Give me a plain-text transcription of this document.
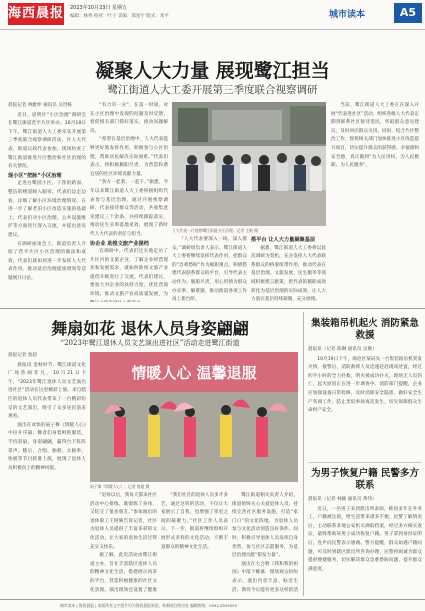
海西晨报 2023年10月23日 星期五
编辑：林秀 校对：叶子 美编：邱星宇 版式：邓平	城市读本	A5
凝聚人大力量 展现鹭江担当
鹭江街道人大工委开展第三季度联合视察调研

晨报记者 林雅仲 通讯员 吴世栋

近日，思明区“小区治理”调研会在鹭江街道营平片区举办。10月18日下午，鹭江街道人大工委牵头开展第三季度联合视察调研活动，区人大代表、街道议政代表参加，现场检查了鹭江街道推进片区整治和社区治理的有关情况。

现小区“把脉”小区治理

走进白鹭园小区，干净的路面、整洁的楼道映入眼帘。代表们边走边看，详细了解小区环境治理情况。在进一步了解老旧小区改造实施的基础上，代表们对小区治理、公共设施维护等方面进行深入交流，并提出意见建议。

在调研座谈会上，街道负责人介绍了营平片区小区治理的做法和成效，代表们就如何进一步发挥人大代表作用、推动基层治理提质增效等话题展开讨论。

“有合有一分”，在第一时间，对在小区治理中发现的问题及时反馈，督促相关部门抓好落实，推动问题解决。

“希望在基层治理中，人大代表能够更好地发挥作用，积极参与小区治理，帮助居民解决实际困难。”代表们表示，将积极履职尽责，为营造和谐宜居的社区环境贡献力量。

“各方一起着，一起干。”据悉，今年以来鹭江街道人大工委积极组织代表参与基层治理，通过开展视察调研、代表接待群众等活动，共收集意见建议三十余条，并持续跟踪落实，推动民生实事落地见效，展现了新时代人大代表的责任与担当。

协企业 助推文旅产业提档

在调研中，代表们还实地走访了片区内的文旅企业，了解企业经营现状和发展需求，就如何助推文旅产业提档升级进行了交流。代表们建议，要加大对企业的扶持力度，优化营商环境，推动文旅产业高质量发展，为

人大代表一行视察鹭江街道小区治理。记者 王帆 摄

“人大代表要深入一线、深入群众，”调研组负责人表示，鹭江街道人大工委将继续发挥代表作用，把群众的“急难愁盼”作为履职重点，积极搭建代表联系群众的平台，引导代表主动作为、履职尽责，用心用情为群众办实事、解难题，推动街道各项工作再上新台阶。

搭平台 让人大力量凝聚基层

据悉，鹭江街道人大工委将以此次调研为契机，充分发挥人大代表联系群众的桥梁纽带作用，推动代表在基层治理、文旅发展、民生服务等领域积极建言献策，把代表的履职成效转化为基层治理的实际成效，让人大力量在基层持续凝聚、充分展现。

当前，鹭江街道人大工委正在深入开展“代表进社区”活动，组织各级人大代表定期到联系社区接待选民，听取群众意见建议，及时回应群众关切。同时，结合片区整治工作，督促相关部门加快推进小区改造提升项目，切实提升群众的获得感、幸福感和安全感，真正做到“为人民用权、为人民履职、为人民服务”。

舞扇如花 退休人员身姿翩翩
“2023年鹭江退休人员文艺演出进社区”活动走进鹭江街道

晨报记者 詹超

晨报讯 金秋时节，鹭江街道文化广场热闹非凡。10月21日下午，“2023年鹭江退休人员文艺演出进社区”活动在这里精彩上演，来自辖区的退休人员代表带来了一台精彩纷呈的文艺演出，吸引了众多居民前来观看。

演出在欢快的扇子舞《情暖人心》中拉开序幕，舞者们身着鲜艳服装，手持彩扇，身姿翩翩，赢得台下阵阵掌声。随后，合唱、独唱、太极拳、快板等节目轮番上演，展现了退休人员积极向上的精神风貌。

情暖人心 温馨退服
扇子舞《情暖人心》。记者 詹超 摄

“退休以后，我每天都来社区活动中心排练，既锻炼了身体，又结交了很多朋友。”参加演出的退休职工王阿姨告诉记者，社区为退休人员提供了丰富多彩的文化活动，让大家的退休生活过得充实又快乐。

据了解，此次活动由鹭江街道主办，旨在丰富辖区退休人员的精神文化生活，搭建展示风采的平台，营造积极健康的社区文化氛围。演出现场还设置了健康

“我们社区的退休人员多才多艺，通过这样的活动，不仅让大家展示了自我，也增强了邻里之间的凝聚力。”社区工作人员表示，下一步，街道将继续组织开展形式多样的文化活动，不断丰富群众的精神文化生活。

鹭江街道相关负责人介绍，街道始终关心关爱退休人员，持续完善社区服务设施，打造“家门口”的文化阵地，为退休人员参与文化活动创造良好条件。同时，积极引导退休人员发挥自身优势，参与社区志愿服务，为基层治理贡献“银发力量”。

演出在大合唱《我和我的祖国》中落下帷幕，现场观众纷纷表示，演出内容丰富、贴近生活，期待今后能有更多这样的活

集装箱吊机起火 消防紧急救援

晨报讯（记者 陈琳 通讯员 吴敏）

10月19日下午，海沧区某码头一台集装箱吊机突发火情。接警后，消防救援人员迅速赶赴现场处置，经过约半小时的全力扑救，明火被成功扑灭。现场无人员伤亡，起火原因正在进一步调查中。消防部门提醒，企业应加强设备日常检修，及时消除安全隐患，做好安全生产各项工作，防止类似事故再次发生，切实保障群众生命财产安全。

为男子恢复户籍 民警多方联系

晨报讯（记者 林颖 通讯员 黄伟）

近日，一名男子来到派出所求助，称因多年在外务工，户籍被注销，给生活带来诸多不便。民警了解情况后，主动联系多地公安机关调取档案，经过多方核实查证，最终帮助该男子成功恢复户籍。男子拿到身份证明后，连声向民警表示感谢。警方提醒，群众如遇户籍问题，可及时到辖区派出所咨询办理，民警将竭诚为群众提供便捷服务，切实解决群众急难愁盼问题，提升群众满意度。

城市读本 | 海西晨报 | 本版所有文字图片均为海西晨报原创，转载请注明出处 编辑热线：0592-5555555
